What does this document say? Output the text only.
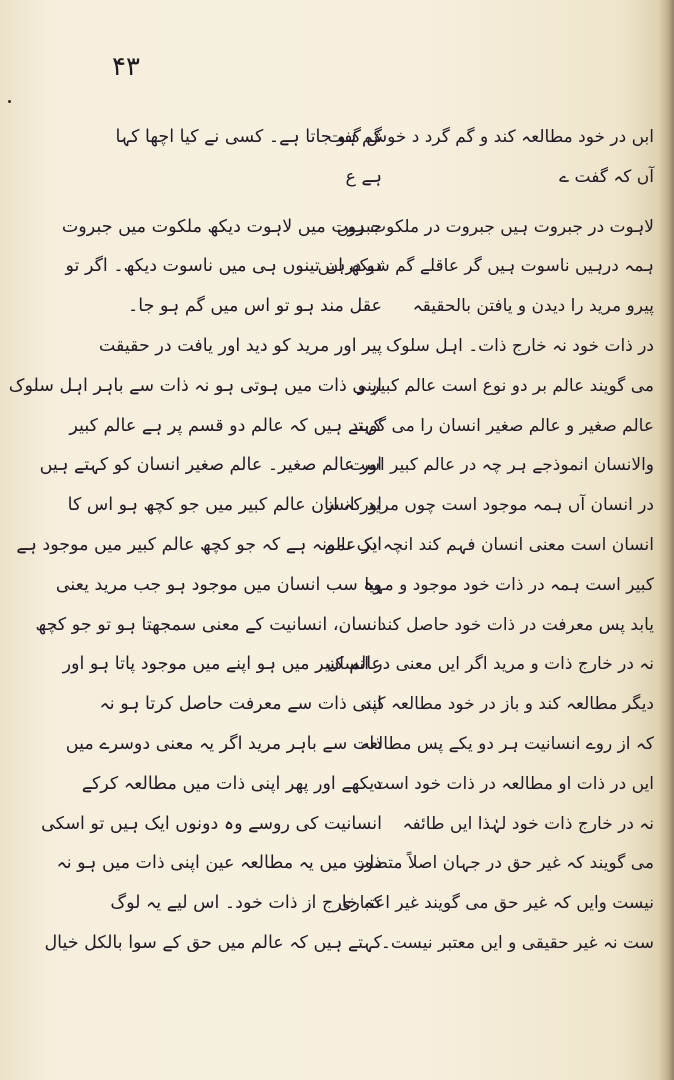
۴۳
ابں در خود مطالعہ کند و گم گرد د خوش گفت
آں کہ گفت ے
لاہوت در جبروت ہیں جبروت در ملکوت ہیں
ہمہ درہیں ناسوت ہیں گر عاقلے گم شو درہیں
پیرو مرید را دیدن و یافتن بالحقیقہ
در ذات خود نہ خارج ذات۔ اہل سلوک
می گویند عالم بر دو نوع است عالم کبیر و
عالم صغیر و عالم صغیر انسان را می گویند
والانسان انموذجے ہر چہ در عالم کبیر است
در انسان آں ہمہ موجود است چوں مرید کہ از
انسان است معنی انسان فہم کند انچہ در عالم
کبیر است ہمہ در ذات خود موجود و مہیا
یابد پس معرفت در ذات خود حاصل کند
نہ در خارج ذات و مرید اگر ایں معنی در انسان
دیگر مطالعہ کند و باز در خود مطالعہ کند
کہ از روے انسانیت ہر دو یکے پس مطالعہ
ایں در ذات او مطالعہ در ذات خود است
نہ در خارج ذات خود لہٰذا ایں طائفہ
می گویند کہ غیر حق در جہان اصلاً متصور
نیست وایں کہ غیر حق می گویند غیر اعتباری
ست نہ غیر حقیقی و ایں معتبر نیست۔
گم ہو جاتا ہے۔ کسی نے کیا اچھا کہا
ہے ع
جبروت میں لاہوت دیکھ ملکوت میں جبروت
دیکھ ان تینوں ہی میں ناسوت دیکھ۔ اگر تو
عقل مند ہو تو اس میں گم ہو جا۔
پیر اور مرید کو دید اور یافت در حقیقت
اپنی ذات میں ہوتی ہو نہ ذات سے باہر اہل سلوک
کہتے ہیں کہ عالم دو قسم پر ہے عالم کبیر
اور عالم صغیر۔ عالم صغیر انسان کو کہتے ہیں
اور انسان عالم کبیر میں جو کچھ ہو اس کا
ایک نمونہ ہے کہ جو کچھ عالم کبیر میں موجود ہے
وہ سب انسان میں موجود ہو جب مرید یعنی
انسان، انسانیت کے معنی سمجھتا ہو تو جو کچھ
عالم کبیر میں ہو اپنے میں موجود پاتا ہو اور
اپنی ذات سے معرفت حاصل کرتا ہو نہ
ذات سے باہر مرید اگر یہ معنی دوسرے میں
دیکھے اور پھر اپنی ذات میں مطالعہ کرکے
انسانیت کی روسے وہ دونوں ایک ہیں تو اسکی
ذات میں یہ مطالعہ عین اپنی ذات میں ہو نہ
کہ خارج از ذات خود۔ اس لیے یہ لوگ
کہتے ہیں کہ عالم میں حق کے سوا بالکل خیال
